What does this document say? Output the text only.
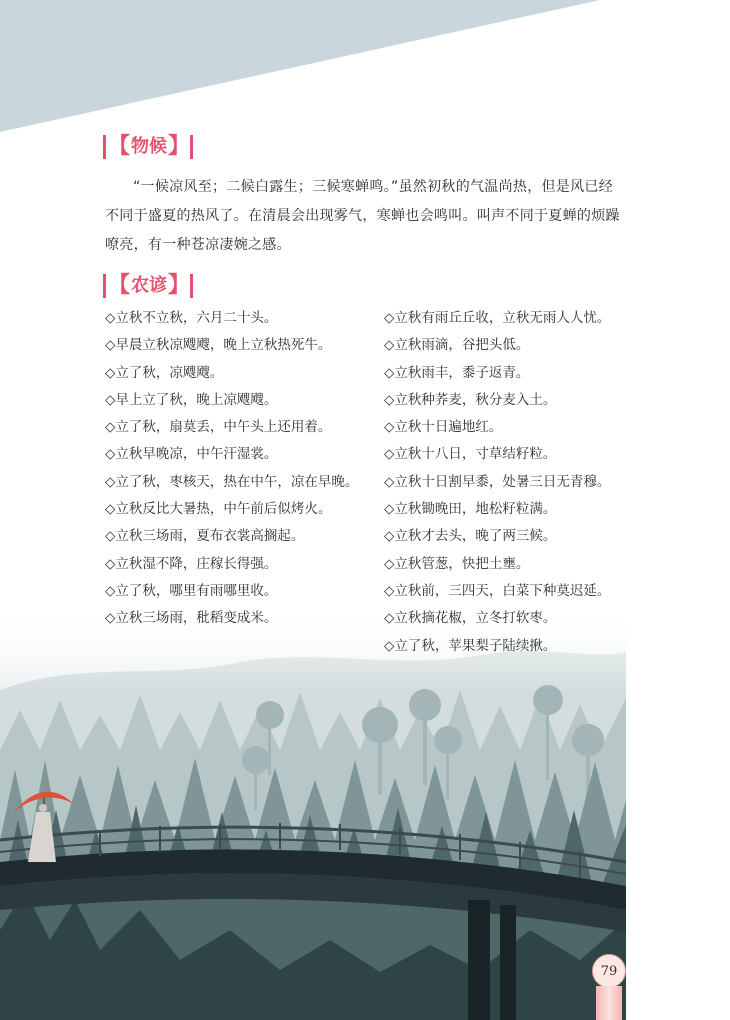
【 物候 】

“一候凉风至；二候白露生；三候寒蝉鸣。”虽然初秋的气温尚热，但是风已经不同于盛夏的热风了。在清晨会出现雾气，寒蝉也会鸣叫。叫声不同于夏蝉的烦躁嘹亮，有一种苍凉凄婉之感。

【 农谚 】
◇立秋不立秋，六月二十头。
◇早晨立秋凉飕飕，晚上立秋热死牛。
◇立了秋，凉飕飕。
◇早上立了秋，晚上凉飕飕。
◇立了秋，扇莫丢，中午头上还用着。
◇立秋早晚凉，中午汗湿裳。
◇立了秋，枣核天，热在中午，凉在早晚。
◇立秋反比大暑热，中午前后似烤火。
◇立秋三场雨，夏布衣裳高搁起。
◇立秋湿不降，庄稼长得强。
◇立了秋，哪里有雨哪里收。
◇立秋三场雨，秕稻变成米。
◇立秋有雨丘丘收，立秋无雨人人忧。
◇立秋雨滴，谷把头低。
◇立秋雨丰，黍子返青。
◇立秋种荞麦，秋分麦入土。
◇立秋十日遍地红。
◇立秋十八日，寸草结籽粒。
◇立秋十日割早黍，处暑三日无青穆。
◇立秋锄晚田，地松籽粒满。
◇立秋才去头，晚了两三候。
◇立秋管葱，快把土壅。
◇立秋前，三四天，白菜下种莫迟延。
◇立秋摘花椒，立冬打软枣。
◇立了秋，苹果梨子陆续揪。
79
